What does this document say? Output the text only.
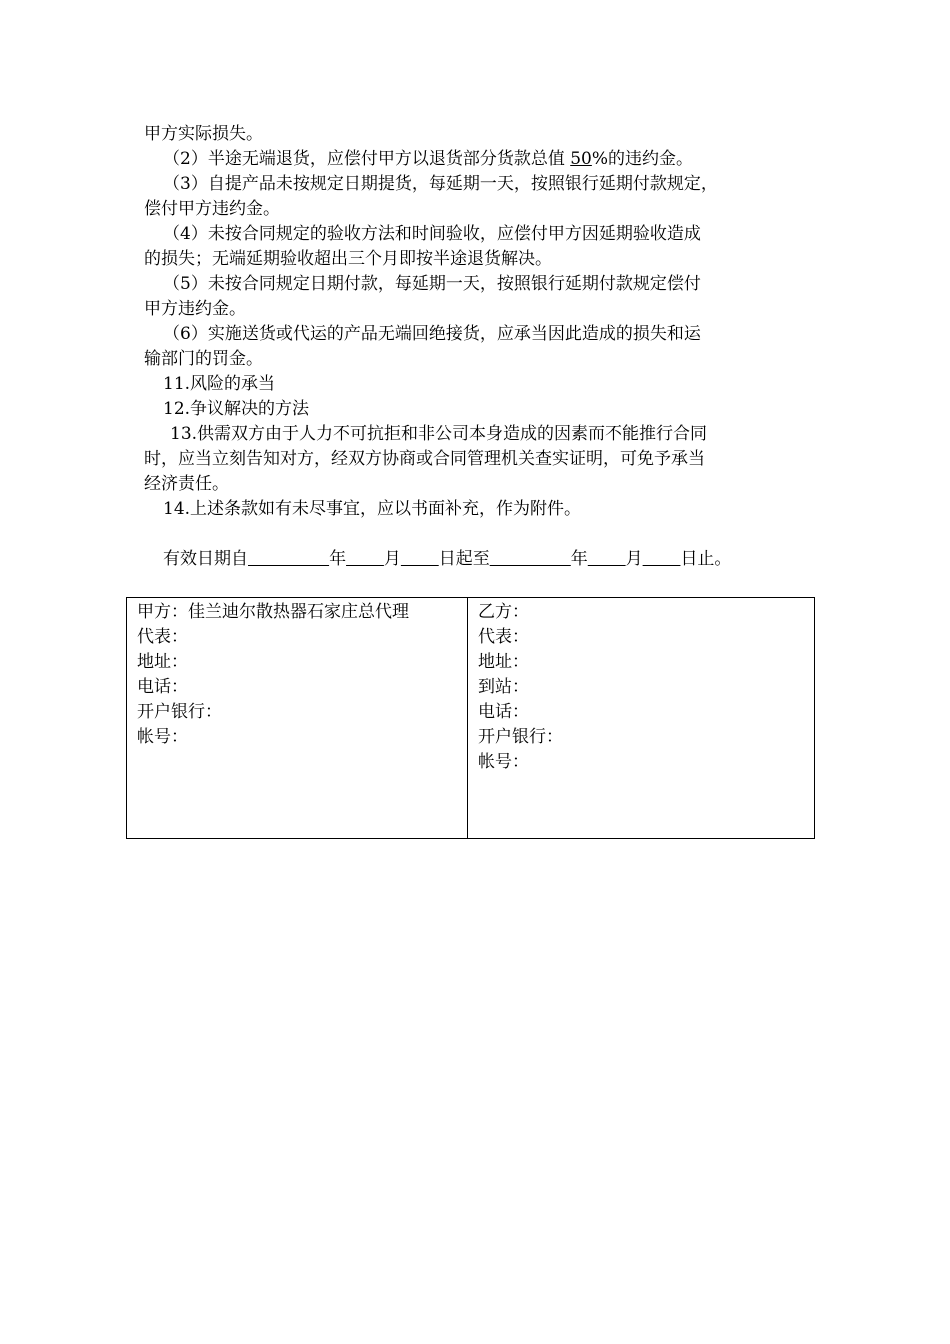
甲方实际损失。
（2）半途无端退货，应偿付甲方以退货部分货款总值 50%的违约金。
（3）自提产品未按规定日期提货，每延期一天，按照银行延期付款规定，
偿付甲方违约金。
（4）未按合同规定的验收方法和时间验收，应偿付甲方因延期验收造成
的损失；无端延期验收超出三个月即按半途退货解决。
（5）未按合同规定日期付款，每延期一天，按照银行延期付款规定偿付
甲方违约金。
（6）实施送货或代运的产品无端回绝接货，应承当因此造成的损失和运
输部门的罚金。
11.风险的承当
12.争议解决的方法
13.供需双方由于人力不可抗拒和非公司本身造成的因素而不能推行合同
时，应当立刻告知对方，经双方协商或合同管理机关查实证明，可免予承当
经济责任。
14.上述条款如有未尽事宜，应以书面补充，作为附件。
有效日期自	年 月 日起至	年 月 日止。
甲方：佳兰迪尔散热器石家庄总代理
代表：
地址：
电话：
开户银行：
帐号：

乙方：
代表：
地址：
到站：
电话：
开户银行：
帐号：
